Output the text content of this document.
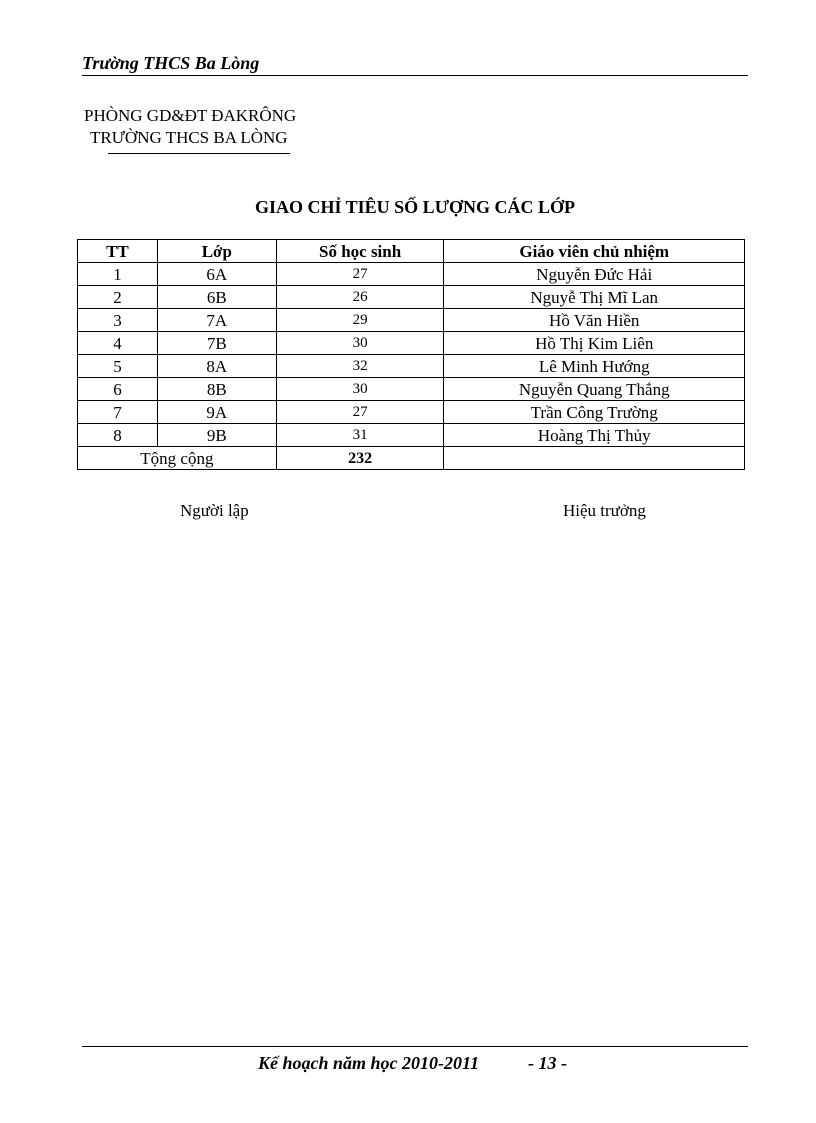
Trường THCS Ba Lòng
PHÒNG GD&ĐT ĐAKRÔNG
TRƯỜNG THCS BA LÒNG
GIAO CHỈ TIÊU SỐ LƯỢNG CÁC LỚP
TT	Lớp	Số học sinh	Giáo viên chủ nhiệm
1	6A	27	Nguyễn Đức Hải
2	6B	26	Nguyễ Thị Mĩ Lan
3	7A	29	Hồ Văn Hiền
4	7B	30	Hồ Thị Kim Liên
5	8A	32	Lê Minh Hướng
6	8B	30	Nguyễn Quang Thắng
7	9A	27	Trần Công Trường
8	9B	31	Hoàng Thị Thủy
Tộng cộng		232	
Người lập	Hiệu trưởng
Kế hoạch năm học 2010-2011	- 13 -
